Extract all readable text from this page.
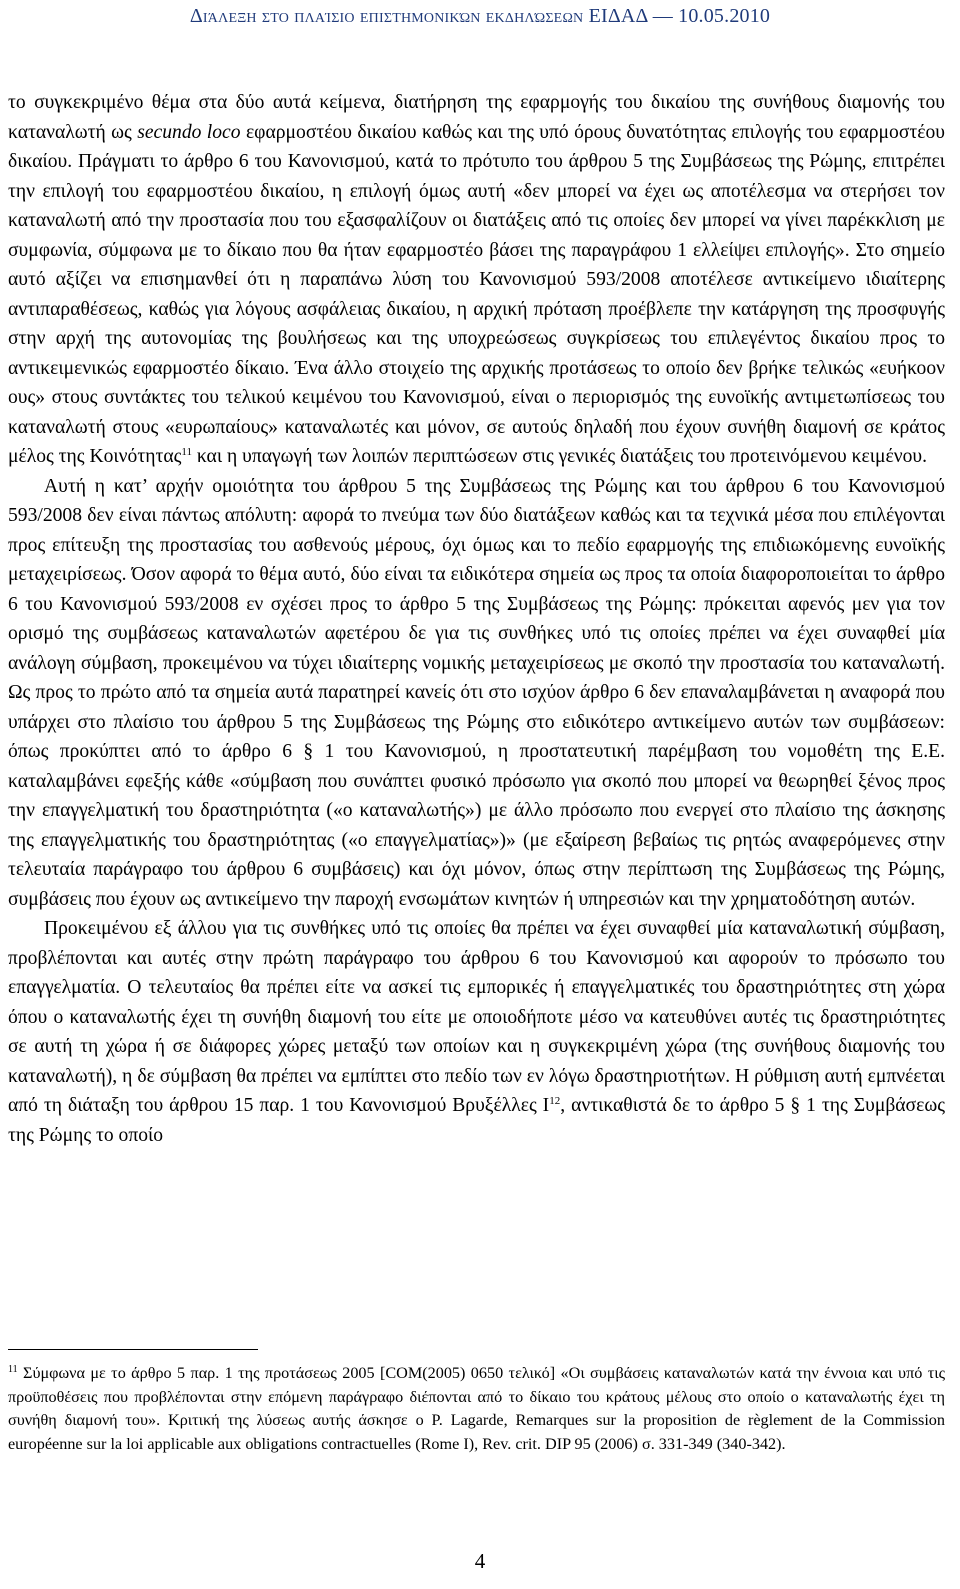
Διάλεξη στο πλαίσιο επιστημονικών εκδηλώσεων ΕΙΔΑΔ — 10.05.2010

το συγκεκριμένο θέμα στα δύο αυτά κείμενα, διατήρηση της εφαρμογής του δικαίου της συνήθους διαμονής του καταναλωτή ως secundo loco εφαρμοστέου δικαίου καθώς και της υπό όρους δυνατότητας επιλογής του εφαρμοστέου δικαίου. Πράγματι το άρθρο 6 του Κανονισμού, κατά το πρότυπο του άρθρου 5 της Συμβάσεως της Ρώμης, επιτρέπει την επιλογή του εφαρμοστέου δικαίου, η επιλογή όμως αυτή «δεν μπορεί να έχει ως αποτέλεσμα να στερήσει τον καταναλωτή από την προστασία που του εξασφαλίζουν οι διατάξεις από τις οποίες δεν μπορεί να γίνει παρέκκλιση με συμφωνία, σύμφωνα με το δίκαιο που θα ήταν εφαρμοστέο βάσει της παραγράφου 1 ελλείψει επιλογής». Στο σημείο αυτό αξίζει να επισημανθεί ότι η παραπάνω λύση του Κανονισμού 593/2008 αποτέλεσε αντικείμενο ιδιαίτερης αντιπαραθέσεως, καθώς για λόγους ασφάλειας δικαίου, η αρχική πρόταση προέβλεπε την κατάργηση της προσφυγής στην αρχή της αυτονομίας της βουλήσεως και της υποχρεώσεως συγκρίσεως του επιλεγέντος δικαίου προς το αντικειμενικώς εφαρμοστέο δίκαιο. Ένα άλλο στοιχείο της αρχικής προτάσεως το οποίο δεν βρήκε τελικώς «ευήκοον ους» στους συντάκτες του τελικού κειμένου του Κανονισμού, είναι ο περιορισμός της ευνοϊκής αντιμετωπίσεως του καταναλωτή στους «ευρωπαίους» καταναλωτές και μόνον, σε αυτούς δηλαδή που έχουν συνήθη διαμονή σε κράτος μέλος της Κοινότητας$^{11}$ και η υπαγωγή των λοιπών περιπτώσεων στις γενικές διατάξεις του προτεινόμενου κειμένου.

Αυτή η κατ’ αρχήν ομοιότητα του άρθρου 5 της Συμβάσεως της Ρώμης και του άρθρου 6 του Κανονισμού 593/2008 δεν είναι πάντως απόλυτη: αφορά το πνεύμα των δύο διατάξεων καθώς και τα τεχνικά μέσα που επιλέγονται προς επίτευξη της προστασίας του ασθενούς μέρους, όχι όμως και το πεδίο εφαρμογής της επιδιωκόμενης ευνοϊκής μεταχειρίσεως. Όσον αφορά το θέμα αυτό, δύο είναι τα ειδικότερα σημεία ως προς τα οποία διαφοροποιείται το άρθρο 6 του Κανονισμού 593/2008 εν σχέσει προς το άρθρο 5 της Συμβάσεως της Ρώμης: πρόκειται αφενός μεν για τον ορισμό της συμβάσεως καταναλωτών αφετέρου δε για τις συνθήκες υπό τις οποίες πρέπει να έχει συναφθεί μία ανάλογη σύμβαση, προκειμένου να τύχει ιδιαίτερης νομικής μεταχειρίσεως με σκοπό την προστασία του καταναλωτή. Ως προς το πρώτο από τα σημεία αυτά παρατηρεί κανείς ότι στο ισχύον άρθρο 6 δεν επαναλαμβάνεται η αναφορά που υπάρχει στο πλαίσιο του άρθρου 5 της Συμβάσεως της Ρώμης στο ειδικότερο αντικείμενο αυτών των συμβάσεων: όπως προκύπτει από το άρθρο 6 § 1 του Κανονισμού, η προστατευτική παρέμβαση του νομοθέτη της Ε.Ε. καταλαμβάνει εφεξής κάθε «σύμβαση που συνάπτει φυσικό πρόσωπο για σκοπό που μπορεί να θεωρηθεί ξένος προς την επαγγελματική του δραστηριότητα («ο καταναλωτής») με άλλο πρόσωπο που ενεργεί στο πλαίσιο της άσκησης της επαγγελματικής του δραστηριότητας («ο επαγγελματίας»)» (με εξαίρεση βεβαίως τις ρητώς αναφερόμενες στην τελευταία παράγραφο του άρθρου 6 συμβάσεις) και όχι μόνον, όπως στην περίπτωση της Συμβάσεως της Ρώμης, συμβάσεις που έχουν ως αντικείμενο την παροχή ενσωμάτων κινητών ή υπηρεσιών και την χρηματοδότηση αυτών.

Προκειμένου εξ άλλου για τις συνθήκες υπό τις οποίες θα πρέπει να έχει συναφθεί μία καταναλωτική σύμβαση, προβλέπονται και αυτές στην πρώτη παράγραφο του άρθρου 6 του Κανονισμού και αφορούν το πρόσωπο του επαγγελματία. Ο τελευταίος θα πρέπει είτε να ασκεί τις εμπορικές ή επαγγελματικές του δραστηριότητες στη χώρα όπου ο καταναλωτής έχει τη συνήθη διαμονή του είτε με οποιοδήποτε μέσο να κατευθύνει αυτές τις δραστηριότητες σε αυτή τη χώρα ή σε διάφορες χώρες μεταξύ των οποίων και η συγκεκριμένη χώρα (της συνήθους διαμονής του καταναλωτή), η δε σύμβαση θα πρέπει να εμπίπτει στο πεδίο των εν λόγω δραστηριοτήτων. Η ρύθμιση αυτή εμπνέεται από τη διάταξη του άρθρου 15 παρ. 1 του Κανονισμού Βρυξέλλες $I^{12}$, αντικαθιστά δε το άρθρο 5 § 1 της Συμβάσεως της Ρώμης το οποίο

$^{11}$ Σύμφωνα με το άρθρο 5 παρ. 1 της προτάσεως 2005 [COM(2005) 0650 τελικό] «Οι συμβάσεις καταναλωτών κατά την έννοια και υπό τις προϋποθέσεις που προβλέπονται στην επόμενη παράγραφο διέπονται από το δίκαιο του κράτους μέλους στο οποίο ο καταναλωτής έχει τη συνήθη διαμονή του». Κριτική της λύσεως αυτής άσκησε ο P. Lagarde, Remarques sur la proposition de règlement de la Commission européenne sur la loi applicable aux obligations contractuelles (Rome I), Rev. crit. DIP 95 (2006) σ. 331-349 (340-342).
4
